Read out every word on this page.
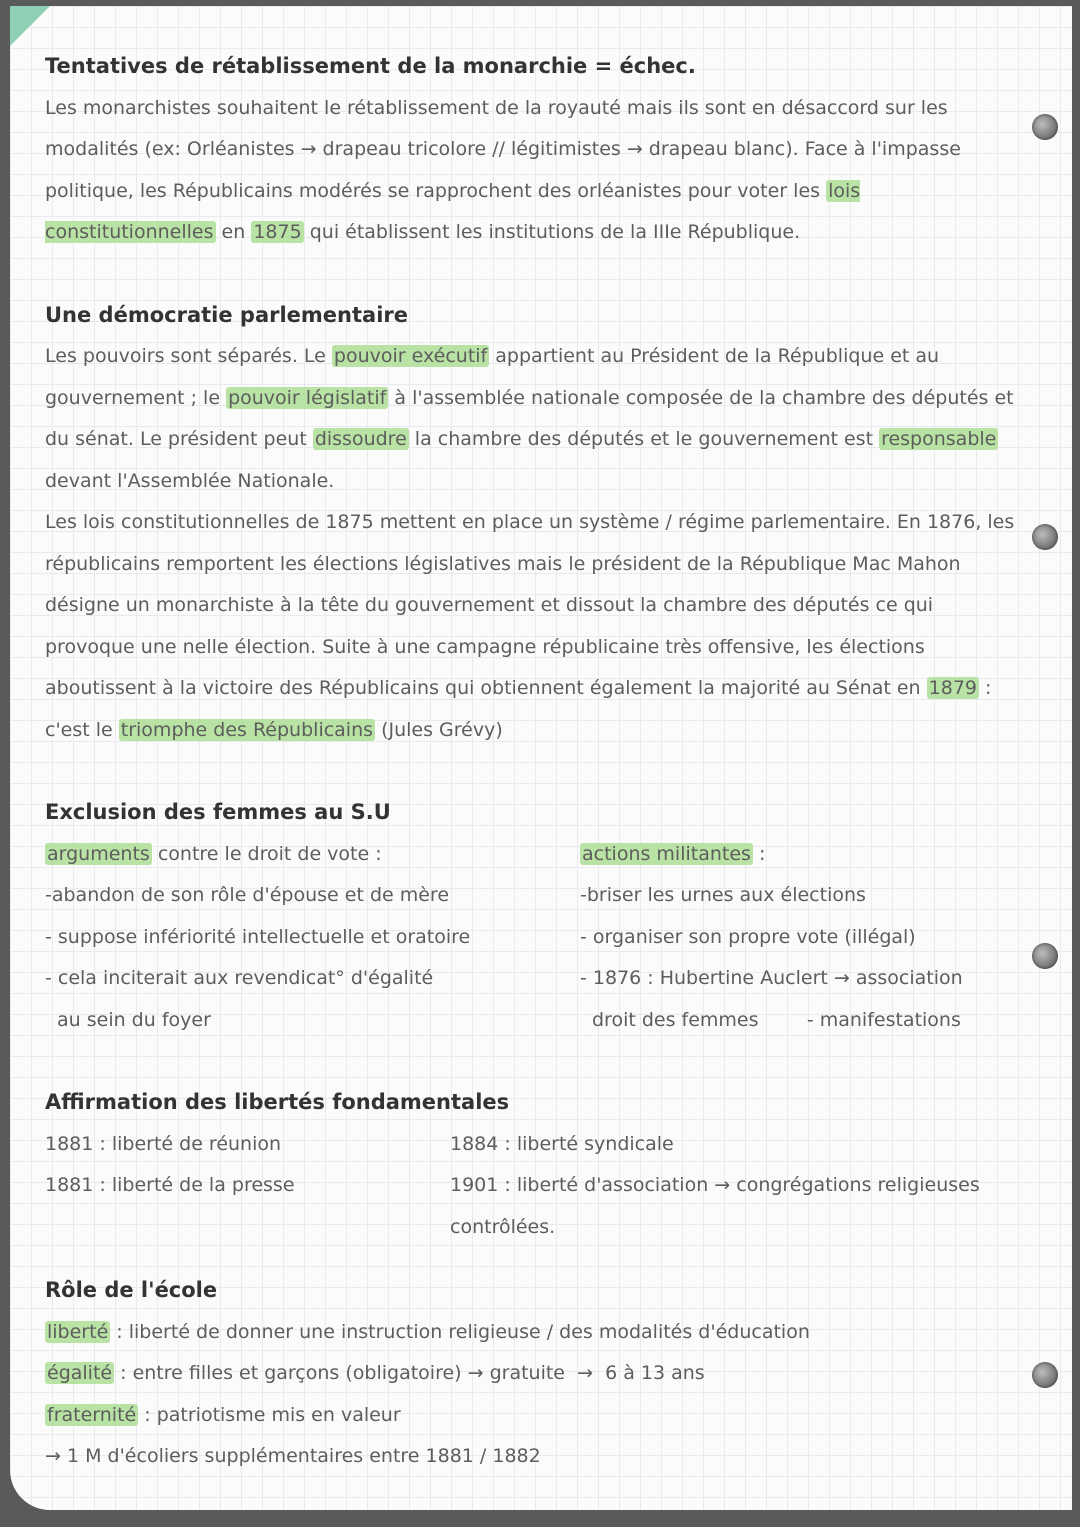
Tentatives de rétablissement de la monarchie = échec.

Les monarchistes souhaitent le rétablissement de la royauté mais ils sont en désaccord sur les modalités (ex: Orléanistes → drapeau tricolore // légitimistes → drapeau blanc). Face à l'impasse politique, les Républicains modérés se rapprochent des orléanistes pour voter les lois constitutionnelles en 1875 qui établissent les institutions de la IIIe République.

Une démocratie parlementaire

Les pouvoirs sont séparés. Le pouvoir exécutif appartient au Président de la République et au gouvernement ; le pouvoir législatif à l'assemblée nationale composée de la chambre des députés et du sénat. Le président peut dissoudre la chambre des députés et le gouvernement est responsable devant l'Assemblée Nationale.

Les lois constitutionnelles de 1875 mettent en place un système / régime parlementaire. En 1876, les républicains remportent les élections législatives mais le président de la République Mac Mahon désigne un monarchiste à la tête du gouvernement et dissout la chambre des députés ce qui provoque une nelle élection. Suite à une campagne républicaine très offensive, les élections aboutissent à la victoire des Républicains qui obtiennent également la majorité au Sénat en 1879 : c'est le triomphe des Républicains (Jules Grévy)

Exclusion des femmes au S.U

arguments contre le droit de vote :

-abandon de son rôle d'épouse et de mère

- suppose infériorité intellectuelle et oratoire

- cela inciterait aux revendicat° d'égalité

au sein du foyer

actions militantes :

-briser les urnes aux élections

- organiser son propre vote (illégal)

- 1876 : Hubertine Auclert → association

droit des femmes        - manifestations

Affirmation des libertés fondamentales

1881 : liberté de réunion

1881 : liberté de la presse

1884 : liberté syndicale

1901 : liberté d'association → congrégations religieuses contrôlées.

Rôle de l'école

liberté : liberté de donner une instruction religieuse / des modalités d'éducation

égalité : entre filles et garçons (obligatoire) → gratuite  →  6 à 13 ans

fraternité : patriotisme mis en valeur

→ 1 M d'écoliers supplémentaires entre 1881 / 1882
